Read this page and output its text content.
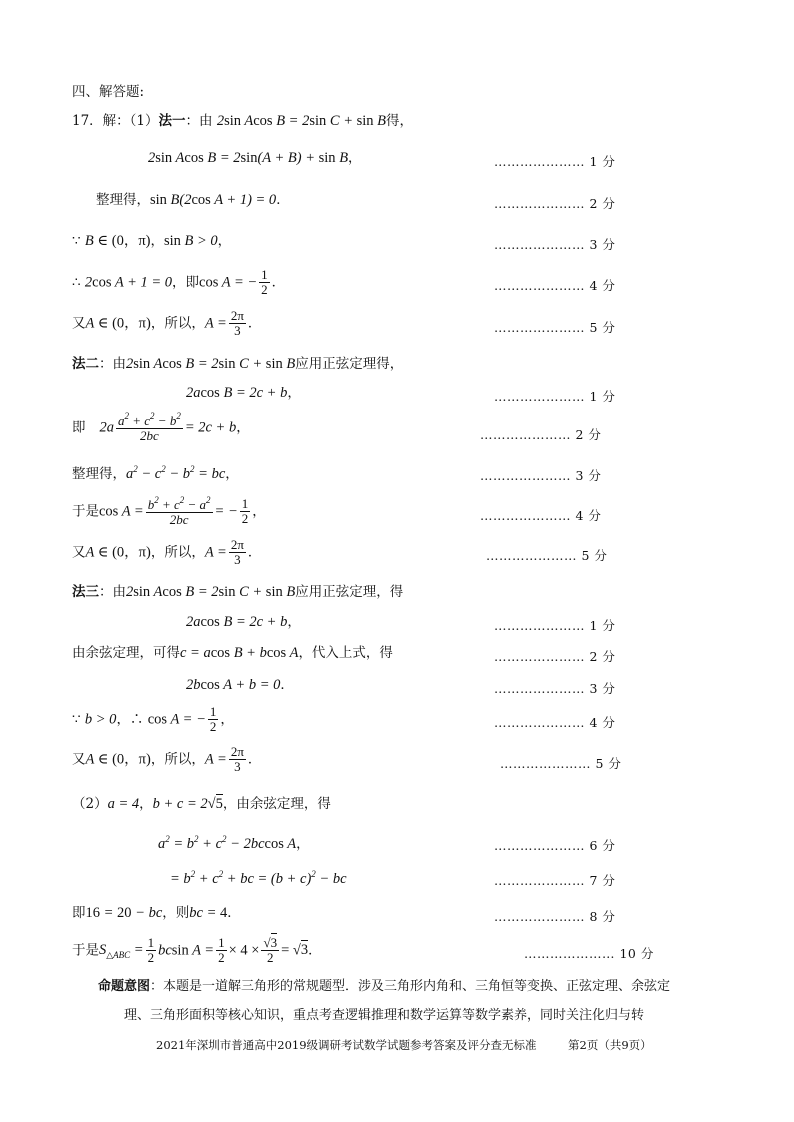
四、解答题:
17．解：（1）法一：由 2sin Acos B = 2sin C + sin B得，
2sin Acos B = 2sin(A + B) + sin B，	………………… 1 分
整理得，sin B(2cos A + 1) = 0．	………………… 2 分
∵ B ∈ (0，π)，sin B > 0，	………………… 3 分
∴ 2cos A + 1 = 0，即cos A = − $\frac{1}{2}$ ．	………………… 4 分
又A ∈ (0，π)，所以，$A = \frac{2\pi}{3}$ ．	………………… 5 分
法二：由2sin Acos B = 2sin C + sin B应用正弦定理得，
2acos B = 2c + b，	………………… 1 分
即 $2a \frac{a^2 + c^2 - b^2}{2bc} = 2c + b$，	………………… 2 分
整理得，$a^2 - c^2 - b^2$ = bc，	………………… 3 分
于是$\cos A = \frac{b^2 + c^2 - a^2}{2bc}$ = − $\frac{1}{2}$ ，	………………… 4 分
又A ∈ (0，π)，所以，$A = \frac{2\pi}{3}$ ．	………………… 5 分
法三：由2sin Acos B = 2sin C + sin B应用正弦定理，得
2acos B = 2c + b，	………………… 1 分
由余弦定理，可得c = acos B + bcos A，代入上式，得	………………… 2 分
2bcos A + b = 0．	………………… 3 分
∵ b > 0，∴ cos A = − $\frac{1}{2}$ ，	………………… 4 分
又A ∈ (0，π)，所以，$A = \frac{2\pi}{3}$ ．	………………… 5 分
（2）a = 4，b + c = 2√5，由余弦定理，得
$a^2 = b^2 + c^2 - 2bccos$ A，	………………… 6 分
= $b^2 + c^2$ + bc = $(b + c)^2$ − bc	………………… 7 分
即16 = 20 − bc，则bc = 4．	………………… 8 分
于是$S_{\triangle ABC} = \frac{1}{2}$ bcsin $A = \frac{1}{2} \times 4 \times \frac{√3}{2} = √3$．	………………… 10 分
命题意图：本题是一道解三角形的常规题型．涉及三角形内角和、三角恒等变换、正弦定理、余弦定
理、三角形面积等核心知识，重点考查逻辑推理和数学运算等数学素养，同时关注化归与转
2021年深圳市普通高中2019级调研考试数学试题参考答案及评分查无标准	第2页（共9页）
